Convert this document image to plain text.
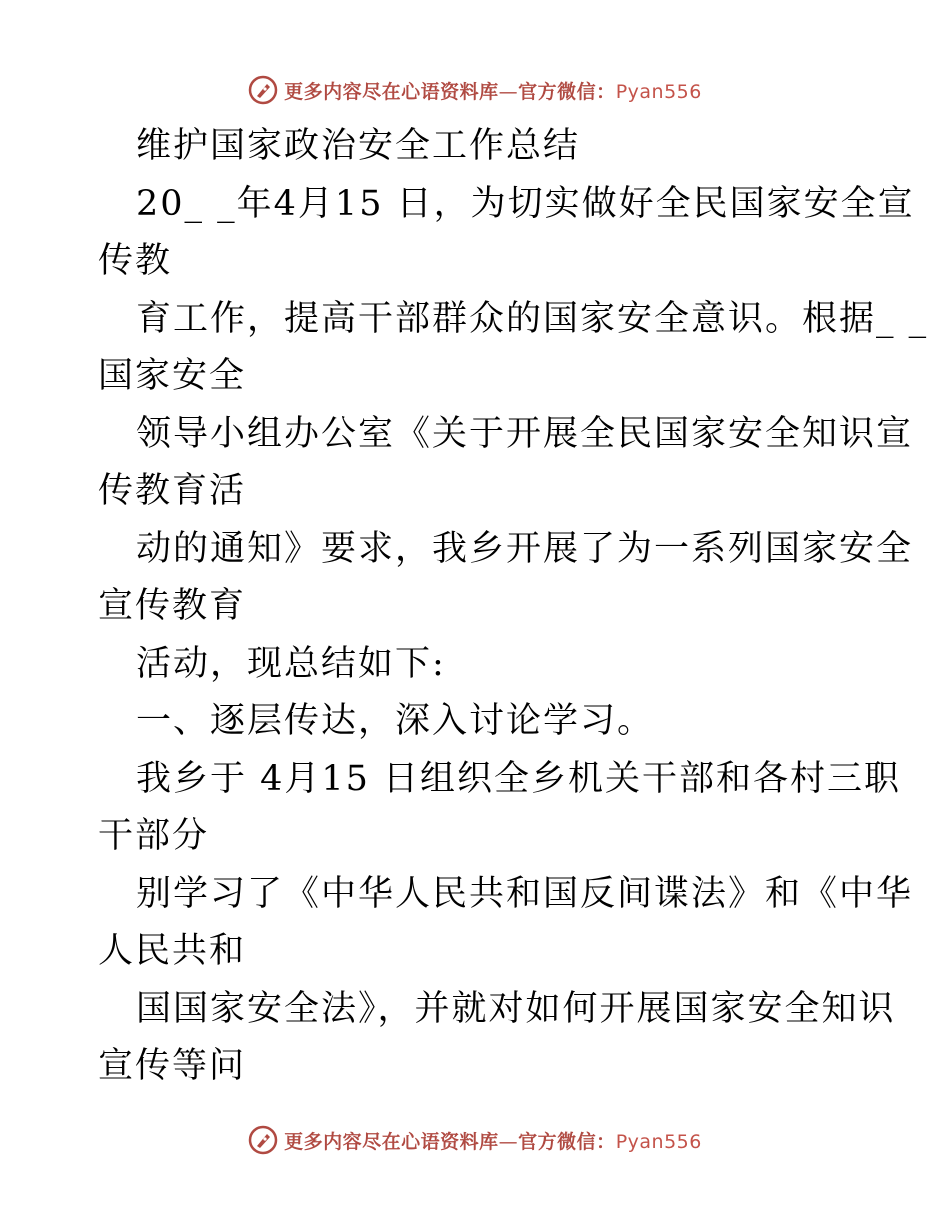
更多内容尽在心语资料库—官方微信：Pyan556
维护国家政治安全工作总结
20_ _年4月15 日，为切实做好全民国家安全宣
传教
育工作，提高干部群众的国家安全意识。根据_ _
国家安全
领导小组办公室《关于开展全民国家安全知识宣
传教育活
动的通知》要求，我乡开展了为一系列国家安全
宣传教育
活动，现总结如下:
一、逐层传达，深入讨论学习。
我乡于 4月15 日组织全乡机关干部和各村三职
干部分
别学习了《中华人民共和国反间谍法》和《中华
人民共和
国国家安全法》，并就对如何开展国家安全知识
宣传等问
更多内容尽在心语资料库—官方微信：Pyan556
